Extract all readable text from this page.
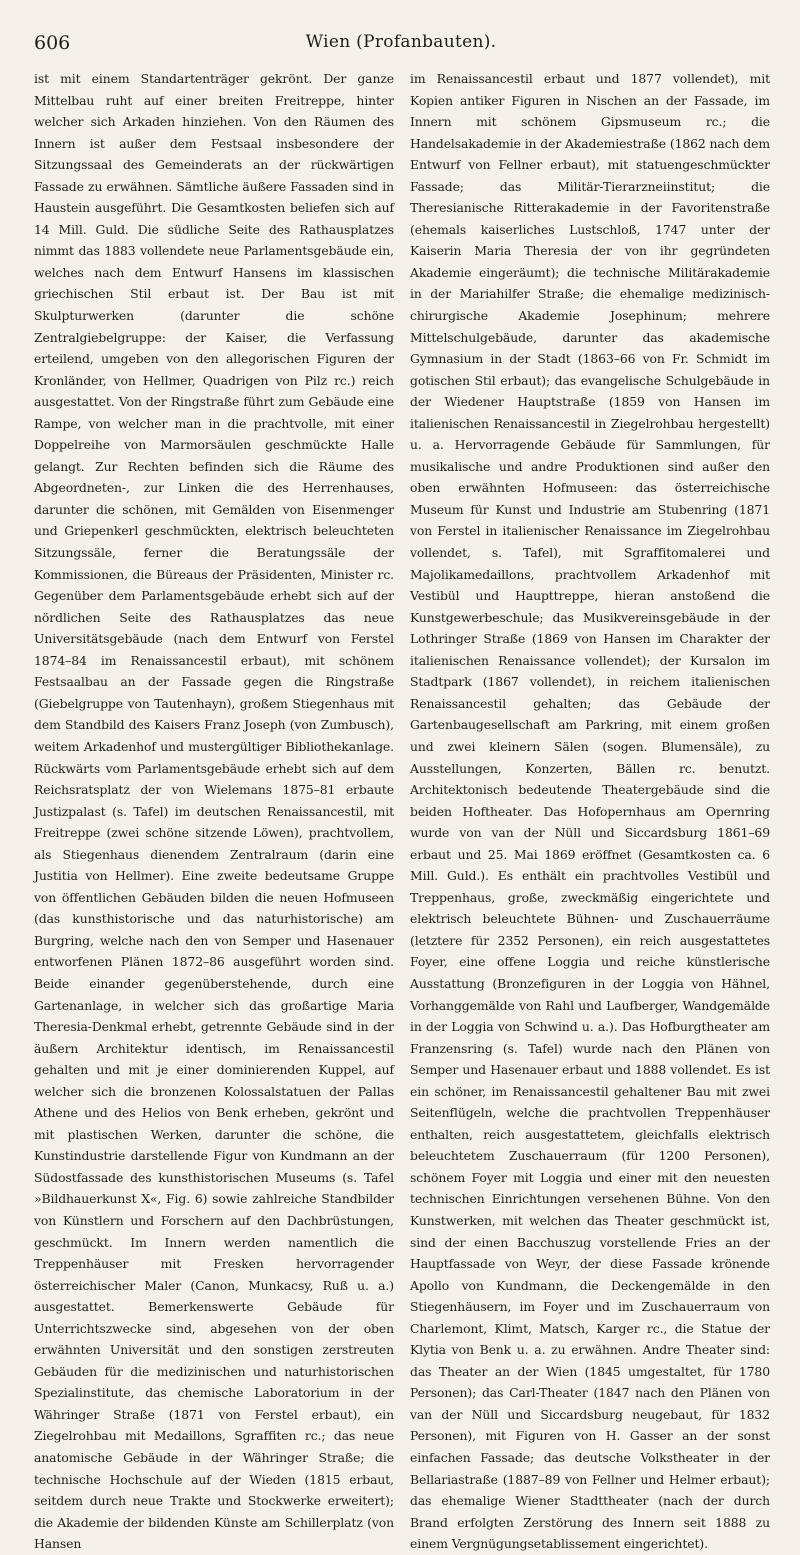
606	Wien (Profanbauten).

ist mit einem Standartenträger gekrönt. Der ganze Mittelbau ruht auf einer breiten Freitreppe, hinter welcher sich Arkaden hinziehen. Von den Räumen des Innern ist außer dem Festsaal insbesondere der Sitzungssaal des Gemeinderats an der rückwärtigen Fassade zu erwähnen. Sämtliche äußere Fassaden sind in Haustein ausgeführt. Die Gesamtkosten beliefen sich auf 14 Mill. Guld. Die südliche Seite des Rathausplatzes nimmt das 1883 vollendete neue Parlamentsgebäude ein, welches nach dem Entwurf Hansens im klassischen griechischen Stil erbaut ist. Der Bau ist mit Skulpturwerken (darunter die schöne Zentralgiebelgruppe: der Kaiser, die Verfassung erteilend, umgeben von den allegorischen Figuren der Kronländer, von Hellmer, Quadrigen von Pilz rc.) reich ausgestattet. Von der Ringstraße führt zum Gebäude eine Rampe, von welcher man in die prachtvolle, mit einer Doppelreihe von Marmorsäulen geschmückte Halle gelangt. Zur Rechten befinden sich die Räume des Abgeordneten-, zur Linken die des Herrenhauses, darunter die schönen, mit Gemälden von Eisenmenger und Griepenkerl geschmückten, elektrisch beleuchteten Sitzungssäle, ferner die Beratungssäle der Kommissionen, die Büreaus der Präsidenten, Minister rc. Gegenüber dem Parlamentsgebäude erhebt sich auf der nördlichen Seite des Rathausplatzes das neue Universitätsgebäude (nach dem Entwurf von Ferstel 1874–84 im Renaissancestil erbaut), mit schönem Festsaalbau an der Fassade gegen die Ringstraße (Giebelgruppe von Tautenhayn), großem Stiegenhaus mit dem Standbild des Kaisers Franz Joseph (von Zumbusch), weitem Arkadenhof und mustergültiger Bibliothekanlage. Rückwärts vom Parlamentsgebäude erhebt sich auf dem Reichsratsplatz der von Wielemans 1875–81 erbaute Justizpalast (s. Tafel) im deutschen Renaissancestil, mit Freitreppe (zwei schöne sitzende Löwen), prachtvollem, als Stiegenhaus dienendem Zentralraum (darin eine Justitia von Hellmer). Eine zweite bedeutsame Gruppe von öffentlichen Gebäuden bilden die neuen Hofmuseen (das kunsthistorische und das naturhistorische) am Burgring, welche nach den von Semper und Hasenauer entworfenen Plänen 1872–86 ausgeführt worden sind. Beide einander gegenüberstehende, durch eine Gartenanlage, in welcher sich das großartige Maria Theresia-Denkmal erhebt, getrennte Gebäude sind in der äußern Architektur identisch, im Renaissancestil gehalten und mit je einer dominierenden Kuppel, auf welcher sich die bronzenen Kolossalstatuen der Pallas Athene und des Helios von Benk erheben, gekrönt und mit plastischen Werken, darunter die schöne, die Kunstindustrie darstellende Figur von Kundmann an der Südostfassade des kunsthistorischen Museums (s. Tafel »Bildhauerkunst X«, Fig. 6) sowie zahlreiche Standbilder von Künstlern und Forschern auf den Dachbrüstungen, geschmückt. Im Innern werden namentlich die Treppenhäuser mit Fresken hervorragender österreichischer Maler (Canon, Munkacsy, Ruß u. a.) ausgestattet. Bemerkenswerte Gebäude für Unterrichtszwecke sind, abgesehen von der oben erwähnten Universität und den sonstigen zerstreuten Gebäuden für die medizinischen und naturhistorischen Spezialinstitute, das chemische Laboratorium in der Währinger Straße (1871 von Ferstel erbaut), ein Ziegelrohbau mit Medaillons, Sgraffiten rc.; das neue anatomische Gebäude in der Währinger Straße; die technische Hochschule auf der Wieden (1815 erbaut, seitdem durch neue Trakte und Stockwerke erweitert); die Akademie der bildenden Künste am Schillerplatz (von Hansen

im Renaissancestil erbaut und 1877 vollendet), mit Kopien antiker Figuren in Nischen an der Fassade, im Innern mit schönem Gipsmuseum rc.; die Handelsakademie in der Akademiestraße (1862 nach dem Entwurf von Fellner erbaut), mit statuengeschmückter Fassade; das Militär-Tierarzneiinstitut; die Theresianische Ritterakademie in der Favoritenstraße (ehemals kaiserliches Lustschloß, 1747 unter der Kaiserin Maria Theresia der von ihr gegründeten Akademie eingeräumt); die technische Militärakademie in der Mariahilfer Straße; die ehemalige medizinisch-chirurgische Akademie Josephinum; mehrere Mittelschulgebäude, darunter das akademische Gymnasium in der Stadt (1863–66 von Fr. Schmidt im gotischen Stil erbaut); das evangelische Schulgebäude in der Wiedener Hauptstraße (1859 von Hansen im italienischen Renaissancestil in Ziegelrohbau hergestellt) u. a. Hervorragende Gebäude für Sammlungen, für musikalische und andre Produktionen sind außer den oben erwähnten Hofmuseen: das österreichische Museum für Kunst und Industrie am Stubenring (1871 von Ferstel in italienischer Renaissance im Ziegelrohbau vollendet, s. Tafel), mit Sgraffitomalerei und Majolikamedaillons, prachtvollem Arkadenhof mit Vestibül und Haupttreppe, hieran anstoßend die Kunstgewerbeschule; das Musikvereinsgebäude in der Lothringer Straße (1869 von Hansen im Charakter der italienischen Renaissance vollendet); der Kursalon im Stadtpark (1867 vollendet), in reichem italienischen Renaissancestil gehalten; das Gebäude der Gartenbaugesellschaft am Parkring, mit einem großen und zwei kleinern Sälen (sogen. Blumensäle), zu Ausstellungen, Konzerten, Bällen rc. benutzt. Architektonisch bedeutende Theatergebäude sind die beiden Hoftheater. Das Hofopernhaus am Opernring wurde von van der Nüll und Siccardsburg 1861–69 erbaut und 25. Mai 1869 eröffnet (Gesamtkosten ca. 6 Mill. Guld.). Es enthält ein prachtvolles Vestibül und Treppenhaus, große, zweckmäßig eingerichtete und elektrisch beleuchtete Bühnen- und Zuschauerräume (letztere für 2352 Personen), ein reich ausgestattetes Foyer, eine offene Loggia und reiche künstlerische Ausstattung (Bronzefiguren in der Loggia von Hähnel, Vorhanggemälde von Rahl und Laufberger, Wandgemälde in der Loggia von Schwind u. a.). Das Hofburgtheater am Franzensring (s. Tafel) wurde nach den Plänen von Semper und Hasenauer erbaut und 1888 vollendet. Es ist ein schöner, im Renaissancestil gehaltener Bau mit zwei Seitenflügeln, welche die prachtvollen Treppenhäuser enthalten, reich ausgestattetem, gleichfalls elektrisch beleuchtetem Zuschauerraum (für 1200 Personen), schönem Foyer mit Loggia und einer mit den neuesten technischen Einrichtungen versehenen Bühne. Von den Kunstwerken, mit welchen das Theater geschmückt ist, sind der einen Bacchuszug vorstellende Fries an der Hauptfassade von Weyr, der diese Fassade krönende Apollo von Kundmann, die Deckengemälde in den Stiegenhäusern, im Foyer und im Zuschauerraum von Charlemont, Klimt, Matsch, Karger rc., die Statue der Klytia von Benk u. a. zu erwähnen. Andre Theater sind: das Theater an der Wien (1845 umgestaltet, für 1780 Personen); das Carl-Theater (1847 nach den Plänen von van der Nüll und Siccardsburg neugebaut, für 1832 Personen), mit Figuren von H. Gasser an der sonst einfachen Fassade; das deutsche Volkstheater in der Bellariastraße (1887–89 von Fellner und Helmer erbaut); das ehemalige Wiener Stadttheater (nach der durch Brand erfolgten Zerstörung des Innern seit 1888 zu einem Vergnügungsetablissement eingerichtet).
